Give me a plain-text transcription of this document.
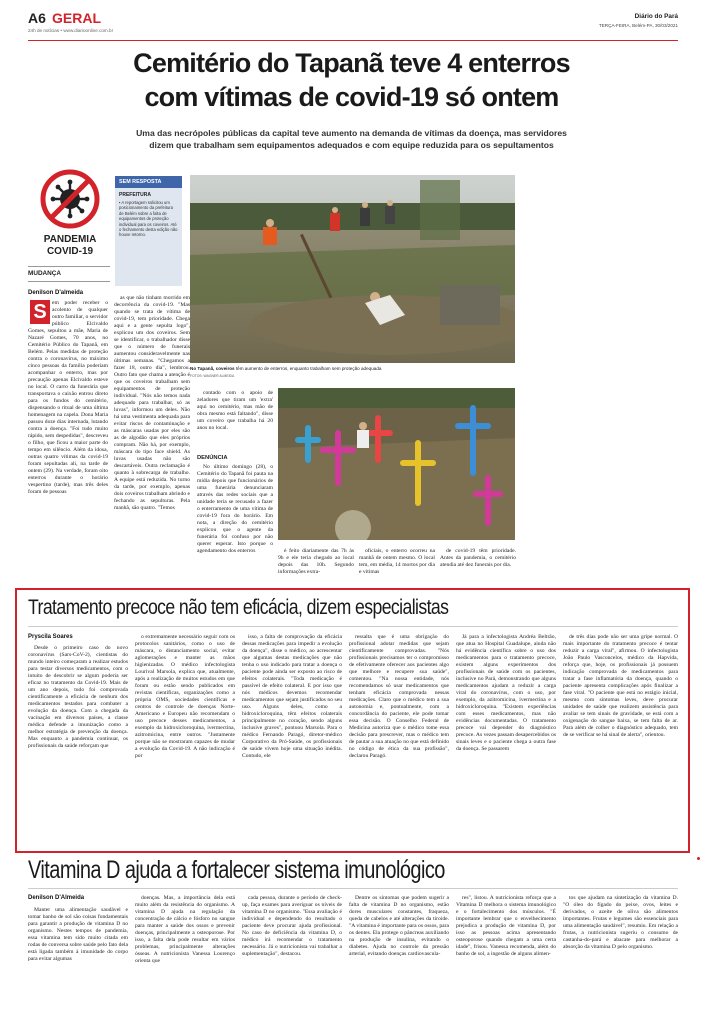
A6 GERAL
24h de notícias • www.diarioonline.com.br
Diário do Pará
TERÇA-FEIRA, Belém-PA, 30/03/2021
Cemitério do Tapanã teve 4 enterros
com vítimas de covid-19 só ontem
Uma das necrópoles públicas da capital teve aumento na demanda de vítimas da doença, mas servidores
dizem que trabalham sem equipamentos adequados e com equipe reduzida para os sepultamentos
PANDEMIA
COVID-19
MUDANÇA
Denilson D'almeida
SEM RESPOSTA
PREFEITURA
▪ A reportagem solicitou um posicionamento da prefeitura de Belém sobre a falta de equipamentos de proteção individual para os coveiros. Até o fechamento desta edição não houve retorno.
No Tapanã, coveiros têm aumento de enterros, enquanto trabalham sem proteção adequada
FOTOS: WAGNER ALMEIDA
S em poder receber o acolento de qualquer outro familiar, o servidor público Elcivaldo Gomes, sepultou a mãe, Maria de Nazaré Gomes, 70 anos, no Cemitério Público do Tapanã, em Belém. Pelas medidas de proteção contra o coronavírus, no máximo cinco pessoas da família poderiam acompanhar o enterro, mas por precaução apenas Elcivaldo esteve no local. O carro da funerária que transportava o caixão entrou direto para os fundos do cemitério, dispensando o ritual de uma última homenagem na capela. Dona Maria passou doze dias internada, lutando contra a doença. "Foi tudo muito rápido, sem despedidas", descreveu o filho, que ficou a maior parte do tempo em silêncio. Além da idosa, outras quatro vítimas da covid-19 foram sepultadas ali, na tarde de ontem (29). Na verdade, foram oito enterros durante o horário vespertino (tarde), mas três deles foram de pessoas

as que não tinham morrido em decorrência da covid-19. "Mas quando se trata de vítima de covid-19, tem prioridade. Chega aqui e a gente sepulta logo", explicou um dos coveiros. Sem se identificar, o trabalhador disse que o número de funerais aumentou consideravelmente nas últimas semanas. "Chegamos a fazer 18, outro dia", lembrou. Outro fato que chama a atenção é que os coveiros trabalham sem equipamentos de proteção individual. "Nós não temos nada adequado para trabalhar, só as luvas", informou um deles. Não há uma vestimenta adequada para evitar riscos de contaminação e as máscaras usadas por eles são as de algodão que eles próprios compram. Não há, por exemplo, máscara do tipo face shield. As luvas usadas não são descartáveis. Outra reclamação é quanto à sobrecarga de trabalho. A equipe está reduzida. No turno da tarde, por exemplo, apenas dois coveiros trabalham abrindo e fechando as sepulturas. Pela manhã, são quatro. "Temos

contado com o apoio de zeladores que tiram um 'extra' aqui no cemitério, mas mão de obra mesmo está faltando", disse um coveiro que trabalha há 20 anos no local.

DENÚNCIA

No último domingo (28), o Cemitério do Tapanã foi pauta na mídia depois que funcionários de uma funerária denunciaram através das redes sociais que a unidade teria se recusado a fazer o enterramento de uma vítima de covid-19 fora do horário. Em nota, a direção do cemitério explicou que o agente da funerária foi confuso por não querer esperar. Isto porque o agendamento dos enterros	é feito diariamente das 7h às 9h e ele teria chegado ao local depois das 10h. Segundo informações extra-

oficiais, o enterro ocorreu na manhã de ontem mesmo. O local tem, em média, 14 mortos por dia e vítimas

de covid-19 têm prioridade. Antes da pandemia, o cemitério atendia até dez funerais por dia.

Tratamento precoce não tem eficácia, dizem especialistas
Pryscila Soares

Desde o primeiro caso do novo coronavírus (Sars-CoV-2), cientistas do mundo inteiro começaram a realizar estudos para testar diversos medicamentos, com o intuito de descobrir se algum poderia ser eficaz no tratamento da Covid-19. Mais de um ano depois, tudo foi comprovada cientificamente a eficácia de nenhum dos medicamentos testados para combater a evolução da doença. Com a chegada da vacinação em diversos países, a classe médica defende a imunização como a melhor estratégia de prevenção da doença. Mas enquanto a pandemia continuar, os profissionais da saúde reforçam que

o extremamente necessário seguir com os protocolos sanitários, como o uso de máscara, o distanciamento social, evitar aglomerações e manter as mãos higienizadas. O médico infectologista Lourival Marsola, explica que, atualmente, após a realização de muitos estudos em que foram ou estão sendo publicados em revistas científicas, organizações como a própria OMS, sociedades científicas e centros de controle de doenças Norte-Americano e Europeu não recomendam o uso precoce desses medicamentos, a exemplo da hidroxicloroquina, ivermectina, azitromicina, entre outros. "Justamente porque não se mostraram capazes de mudar a evolução da Covid-19. A não indicação é por

isso, a falta de comprovação da eficácia dessas medicações para impedir a evolução da doença", disse o médico, ao acrescentar que algumas destas medicações que não tenha o uso indicado para tratar a doença o paciente pode ainda ser exposto ao risco de efeitos colaterais. "Toda medicação é passível de efeito colateral. E por isso que nós médicos devemos recomendar medicamentos que sejam justificados no seu uso. Alguns deles, como a hidroxicloroquina, têm efeitos colaterais principalmente no coração, sendo alguns inclusive graves", pontuou Marsola. Para o médico Fernando Paragó, diretor-médico Corporativo da Pró-Saúde, os profissionais de saúde vivem hoje uma situação inédita. Contudo, ele

ressalta que é uma obrigação do profissional adotar medidas que sejam cientificamente comprovadas. "Nós profissionais precisamos ter o compromisso de efetivamente oferecer aos pacientes algo que melhore e recupere sua saúde", comentou. "Na nossa entidade, nós recomendamos só usar medicamentos que tenham eficácia comprovada nessas medicações. Claro que o médico tem a sua autonomia e, pontualmente, com a concordância do paciente, ele pode tomar essa decisão. O Conselho Federal de Medicina autoriza que o médico tome essa decisão para prescrever, mas o médico tem de pautar a sua atuação no que está definido no código de ética da sua profissão", declarou Paragó.

Já para a infectologista Andréa Beltrão, que atua no Hospital Guadalupe, ainda não há evidência científica sobre o uso dos medicamentos para o tratamento precoce, existem alguns experimentos dos profissionais de saúde com os pacientes, inclusive no Pará, demonstrando que alguns medicamentos ajudam a reduzir a carga viral do coronavírus, com o uso, por exemplo, da azitromicina, ivermectina e a hidroxicloroquina. "Existem experiências com esses medicamentos, mas não evidências documentadas. O tratamento precoce vai depender do diagnóstico precoce. As vezes passam desapercebidos os sinais leves e o paciente chega a outra fase da doença. Se passarem

de três dias pode não ser uma gripe normal. O mais importante do tratamento precoce é tentar reduzir a carga viral", afirmou. O infectologista João Paulo Vasconcelos, médico da Hapvida, reforça que, hoje, os profissionais já possuem indicação comprovada de medicamentos para tratar a fase inflamatória da doença, quando o paciente apresenta complicações após finalizar a fase viral. "O paciente que está no estágio inicial, mesmo com sintomas leves, deve procurar unidades de saúde que realizem assistência para avaliar se tem sinais de gravidade, se está com a oxigenação do sangue baixa, se tem falta de ar. Para além de colher o diagnóstico adequado, tem de se verificar se há sinal de alerta", orientou.

Vitamina D ajuda a fortalecer sistema imunológico
Denilson D'Almeida

Manter uma alimentação saudável e tomar banho de sol são coisas fundamentais para garantir a produção de vitamina D no organismo. Nestes tempos de pandemia, essa vitamina tem sido muito citada em rodas de conversa sobre saúde pelo fato dela está ligada também à imunidade do corpo para evitar algumas

doenças. Mas, a importância dela está muito além da resistência do organismo. A vitamina D ajuda na regulação da concentração de cálcio e fósforo no sangue para manter a saúde dos ossos e prevenir doenças, principalmente a osteoporose. Por isso, a falta dela pode resultar em vários problemas, principalmente alterações ósseas. A nutricionista Vanessa Lourenço orienta que

cada pessoa, durante o período de check-up, faça exames para averiguar os níveis de vitamina D no organismo. "Essa avaliação é individual e dependendo do resultado o paciente deve procurar ajuda profissional. No caso de deficiência da vitamina D, o médico irá recomendar o tratamento necessário. Já o nutricionista vai trabalhar a suplementação", destacou.

Dentre os sintomas que podem sugerir a falta de vitamina D no organismo, estão dores musculares constantes, fraqueza, queda de cabelos e até alterações da tiroide. "A vitamina é importante para os ossos, para os dentes. Ela protege o pâncreas auxiliando na produção de insulina, evitando o diabetes. Ajuda no controle da pressão arterial, evitando doenças cardiovascula-

res", listou. A nutricionista reforça que a Vitamina D melhora o sistema imunológico e o fortalecimento dos músculos. "É importante lembrar que o envelhecimento prejudica a produção de vitamina D, por isso as pessoas acima apresentando osteoporose quando chegam a uma certa idade", frisou. Vanessa recomenda, além do banho de sol, a ingestão de alguns alimen-

tos que ajudam na sintetização da vitamina D. "O óleo do fígado do peixe, ovos, leites e derivados, o azeite de oliva são alimentos importantes. Frutas e legumes são essenciais para uma alimentação saudável", resumiu. Em relação a frutas, a nutricionista sugeriu o consumo de castanha-do-pará e abacate para melhorar a absorção da vitamina D pelo organismo.
